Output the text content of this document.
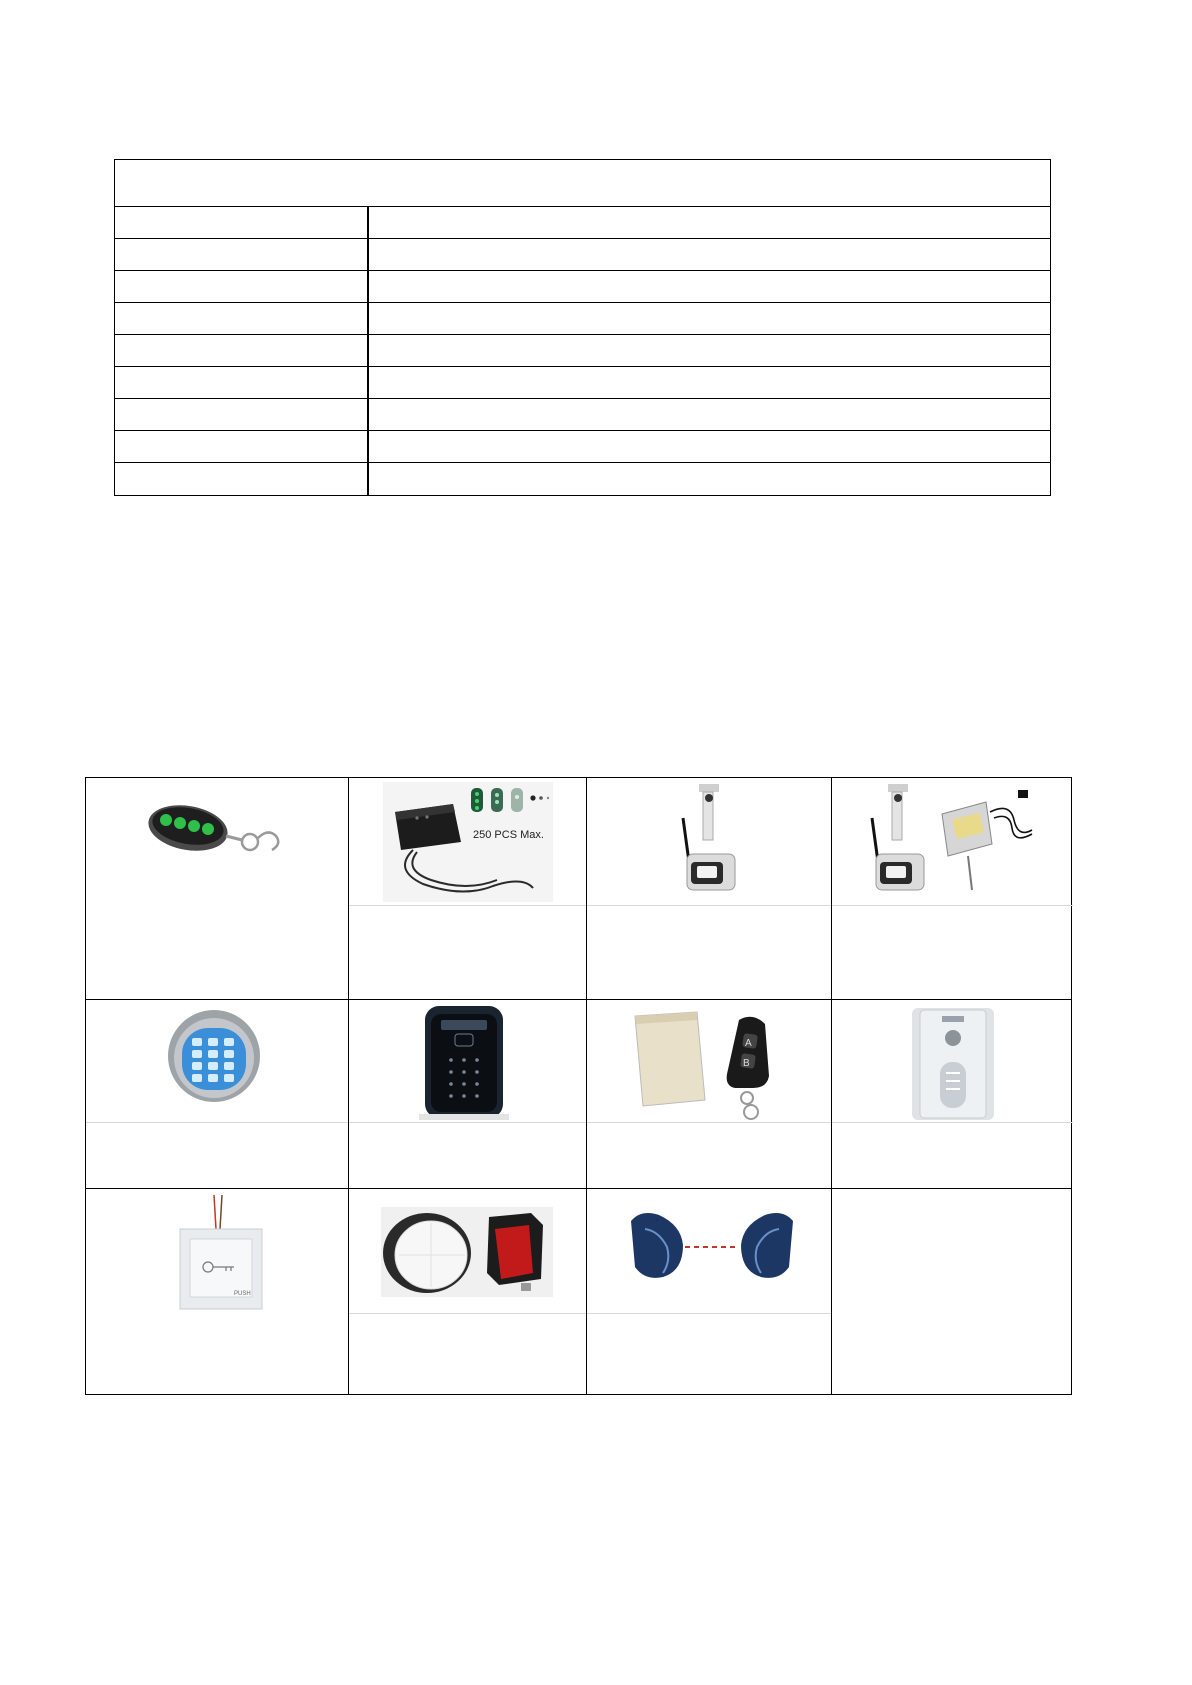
250 PCS Max.
A
B
PUSH
